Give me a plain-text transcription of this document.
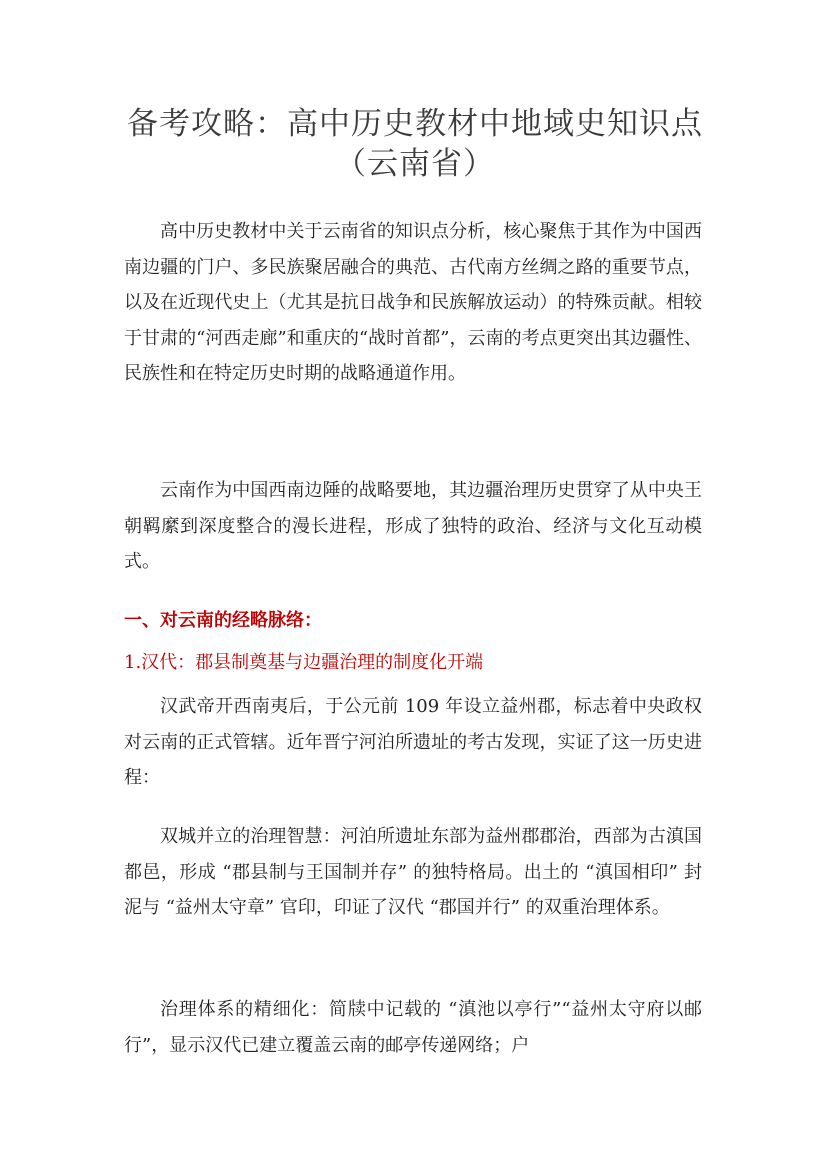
备考攻略：高中历史教材中地域史知识点
（云南省）

高中历史教材中关于云南省的知识点分析，核心聚焦于其作为中国西南边疆的门户、多民族聚居融合的典范、古代南方丝绸之路的重要节点，以及在近现代史上（尤其是抗日战争和民族解放运动）的特殊贡献。相较于甘肃的“河西走廊”和重庆的“战时首都”，云南的考点更突出其边疆性、民族性和在特定历史时期的战略通道作用。

云南作为中国西南边陲的战略要地，其边疆治理历史贯穿了从中央王朝羁縻到深度整合的漫长进程，形成了独特的政治、经济与文化互动模式。

一、对云南的经略脉络：

1.汉代：郡县制奠基与边疆治理的制度化开端

汉武帝开西南夷后，于公元前 109 年设立益州郡，标志着中央政权对云南的正式管辖。近年晋宁河泊所遗址的考古发现，实证了这一历史进程：

双城并立的治理智慧：河泊所遗址东部为益州郡郡治，西部为古滇国都邑，形成 “郡县制与王国制并存” 的独特格局。出土的 “滇国相印” 封泥与 “益州太守章” 官印，印证了汉代 “郡国并行” 的双重治理体系。

治理体系的精细化：简牍中记载的 “滇池以亭行”“益州太守府以邮行”，显示汉代已建立覆盖云南的邮亭传递网络；户
